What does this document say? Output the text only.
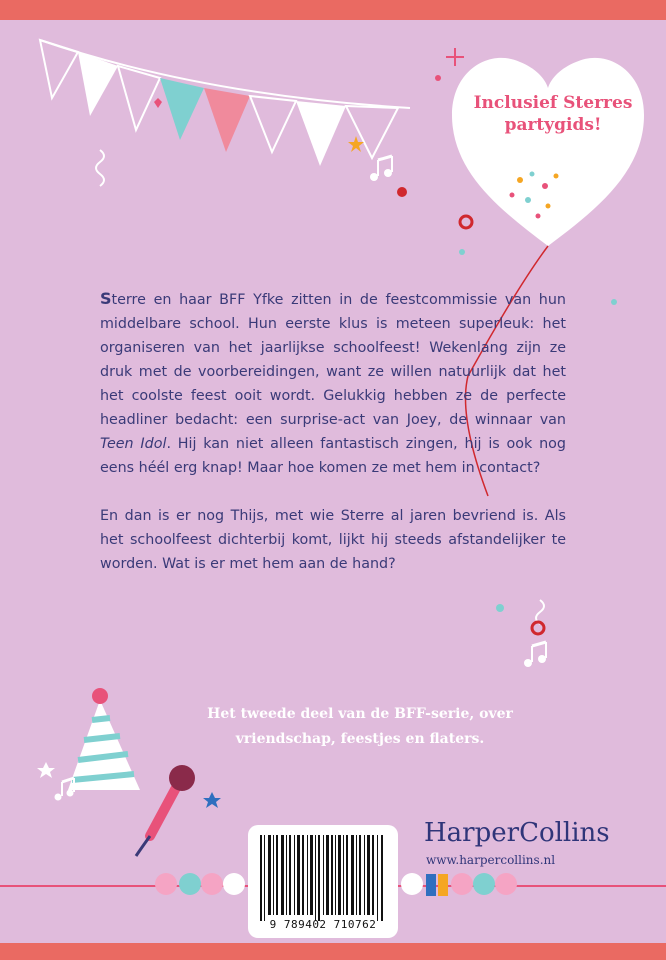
Inclusief Sterres partygids!

Sterre en haar BFF Yfke zitten in de feestcommissie van hun middelbare school. Hun eerste klus is meteen superleuk: het organiseren van het jaarlijkse schoolfeest! Wekenlang zijn ze druk met de voorbereidingen, want ze willen natuurlijk dat het het coolste feest ooit wordt. Gelukkig hebben ze de perfecte headliner bedacht: een surprise-act van Joey, de winnaar van Teen Idol. Hij kan niet alleen fantastisch zingen, hij is ook nog eens héél erg knap! Maar hoe komen ze met hem in contact?

En dan is er nog Thijs, met wie Sterre al jaren bevriend is. Als het schoolfeest dichterbij komt, lijkt hij steeds afstandelijker te worden. Wat is er met hem aan de hand?

Het tweede deel van de BFF-serie, over
vriendschap, feestjes en flaters.
9 789402 710762
HarperCollins
www.harpercollins.nl
